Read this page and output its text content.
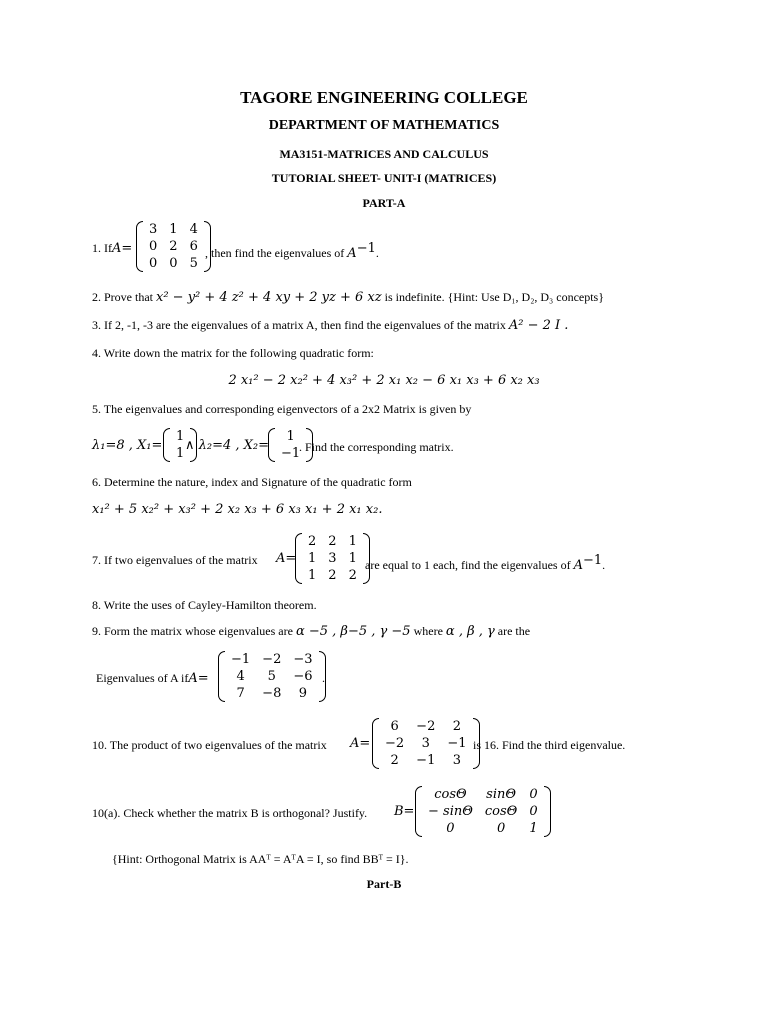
TAGORE ENGINEERING COLLEGE
DEPARTMENT OF MATHEMATICS
MA3151-MATRICES AND CALCULUS
TUTORIAL SHEET- UNIT-I (MATRICES)
PART-A
1. IfA=
3	1	4
0	2	6
0	0	5
, then find the eigenvalues of $A^{-1}$.
2. Prove that x² − y² + 4 z² + 4 xy + 2 yz + 6 xz is indefinite. {Hint: Use D₁, D₂, D₃ concepts}
3. If 2, -1, -3 are the eigenvalues of a matrix A, then find the eigenvalues of the matrix A² − 2 I .
4. Write down the matrix for the following quadratic form:
2 x₁² − 2 x₂² + 4 x₃² + 2 x₁ x₂ − 6 x₁ x₃ + 6 x₂ x₃
5. The eigenvalues and corresponding eigenvectors of a 2x2 Matrix is given by
λ₁=8 , X₁=
1
1
∧ λ₂=4 , X₂=
1
−1
. Find the corresponding matrix.
6. Determine the nature, index and Signature of the quadratic form
x₁² + 5 x₂² + x₃² + 2 x₂ x₃ + 6 x₃ x₁ + 2 x₁ x₂.
7. If two eigenvalues of the matrix A=
2	2	1
1	3	1
1	2	2
are equal to 1 each, find the eigenvalues of $A^{-1}$.
8. Write the uses of Cayley-Hamilton theorem.
9. Form the matrix whose eigenvalues are α −5 , β−5 , γ −5 where α , β , γ are the
Eigenvalues of A ifA=
−1	−2	−3
4	5	−6
7	−8	9
.
10. The product of two eigenvalues of the matrix A=
6	−2	2
−2	3	−1
2	−1	3
is 16. Find the third eigenvalue.
10(a). Check whether the matrix B is orthogonal? Justify. B=
cosΘ	sinΘ	0
− sinΘ	cosΘ	0
0	0	1
{Hint: Orthogonal Matrix is AAᵀ = AᵀA = I, so find BBᵀ = I}.
Part-B
